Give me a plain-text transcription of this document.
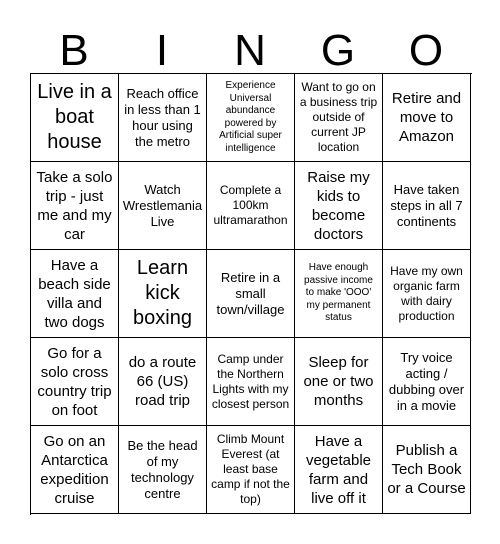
B	I	N	G	O
Live in a boat house
Reach office in less than 1 hour using the metro
Experience Universal abundance powered by Artificial super intelligence
Want to go on a business trip outside of current JP location
Retire and move to Amazon
Take a solo trip - just me and my car
Watch Wrestlemania Live
Complete a 100km ultramarathon
Raise my kids to become doctors
Have taken steps in all 7 continents
Have a beach side villa and two dogs
Learn kick boxing
Retire in a small town/village
Have enough passive income to make 'OOO' my permanent status
Have my own organic farm with dairy production
Go for a solo cross country trip on foot
do a route 66 (US) road trip
Camp under the Northern Lights with my closest person
Sleep for one or two months
Try voice acting / dubbing over in a movie
Go on an Antarctica expedition cruise
Be the head of my technology centre
Climb Mount Everest (at least base camp if not the top)
Have a vegetable farm and live off it
Publish a Tech Book or a Course
